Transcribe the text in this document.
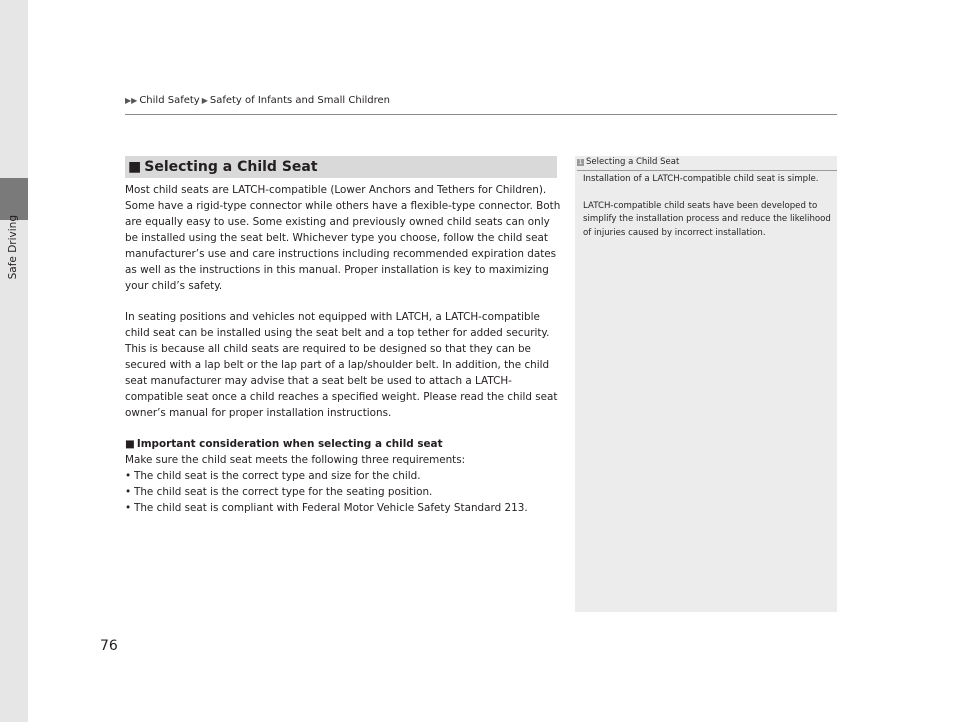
Safe Driving
▶▶ Child Safety ▶ Safety of Infants and Small Children
■ Selecting a Child Seat

Most child seats are LATCH-compatible (Lower Anchors and Tethers for Children). Some have a rigid-type connector while others have a flexible-type connector. Both are equally easy to use. Some existing and previously owned child seats can only be installed using the seat belt. Whichever type you choose, follow the child seat manufacturer’s use and care instructions including recommended expiration dates as well as the instructions in this manual. Proper installation is key to maximizing your child’s safety.

In seating positions and vehicles not equipped with LATCH, a LATCH-compatible child seat can be installed using the seat belt and a top tether for added security. This is because all child seats are required to be designed so that they can be secured with a lap belt or the lap part of a lap/shoulder belt. In addition, the child seat manufacturer may advise that a seat belt be used to attach a LATCH-compatible seat once a child reaches a specified weight. Please read the child seat owner’s manual for proper installation instructions.

■ Important consideration when selecting a child seat

Make sure the child seat meets the following three requirements:

• The child seat is the correct type and size for the child.
• The child seat is the correct type for the seating position.
• The child seat is compliant with Federal Motor Vehicle Safety Standard 213.
1 Selecting a Child Seat

Installation of a LATCH-compatible child seat is simple.

LATCH-compatible child seats have been developed to simplify the installation process and reduce the likelihood of injuries caused by incorrect installation.

76
